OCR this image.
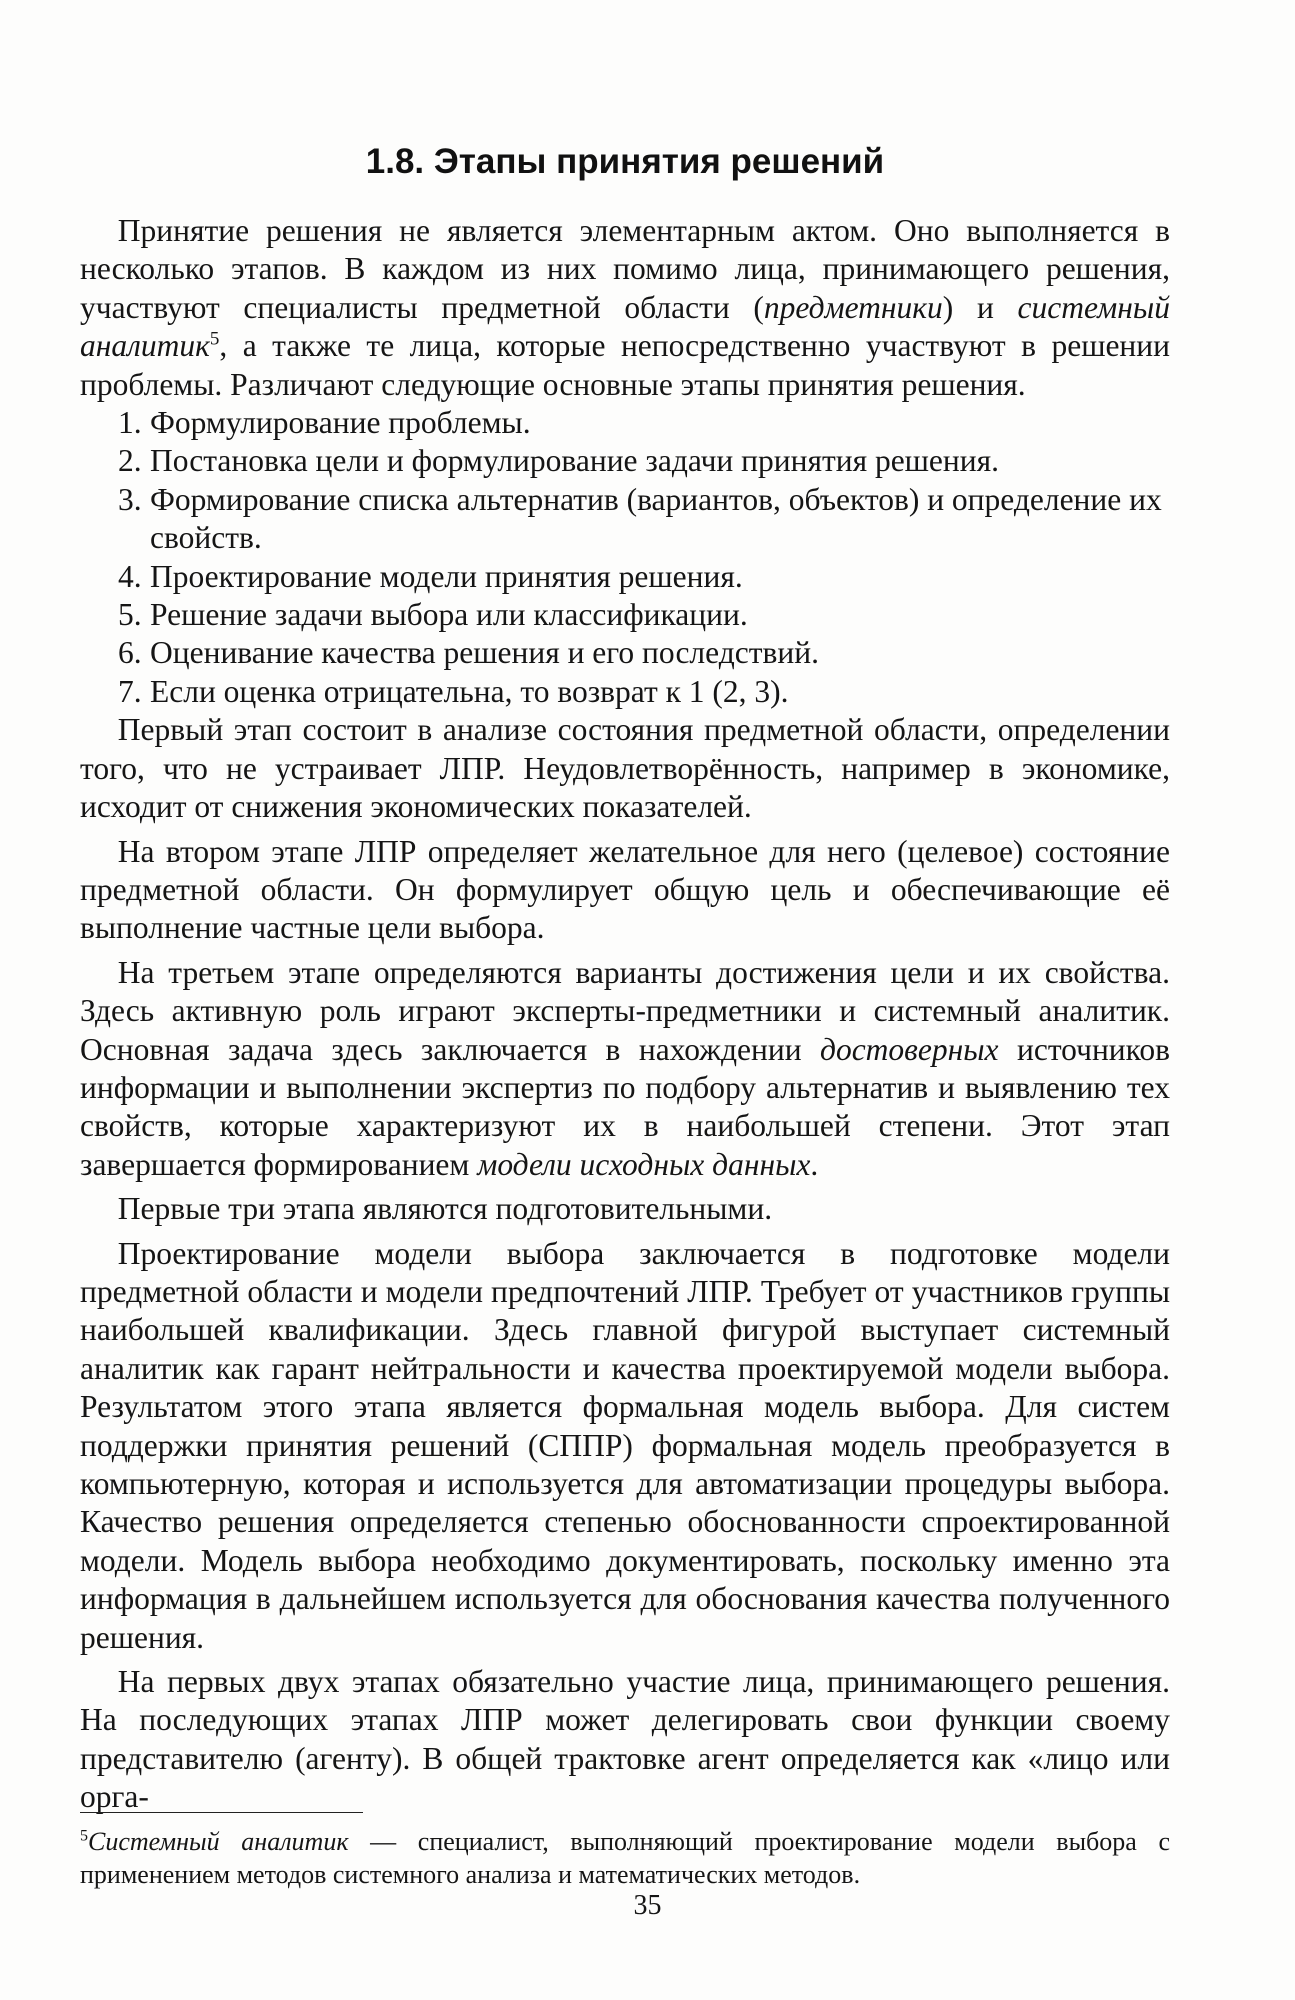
1.8. Этапы принятия решений

Принятие решения не является элементарным актом. Оно выполняется в несколько этапов. В каждом из них помимо лица, принимающего решения, участвуют специалисты предметной области (предметники) и системный аналитик$^5$, а также те лица, которые непосредственно участвуют в решении проблемы. Различают следующие основные этапы принятия решения.

1. Формулирование проблемы.
2. Постановка цели и формулирование задачи принятия решения.
3. Формирование списка альтернатив (вариантов, объектов) и определение их свойств.
4. Проектирование модели принятия решения.
5. Решение задачи выбора или классификации.
6. Оценивание качества решения и его последствий.
7. Если оценка отрицательна, то возврат к 1 (2, 3).

Первый этап состоит в анализе состояния предметной области, определении того, что не устраивает ЛПР. Неудовлетворённость, например в экономике, исходит от снижения экономических показателей.

На втором этапе ЛПР определяет желательное для него (целевое) состояние предметной области. Он формулирует общую цель и обеспечивающие её выполнение частные цели выбора.

На третьем этапе определяются варианты достижения цели и их свойства. Здесь активную роль играют эксперты-предметники и системный аналитик. Основная задача здесь заключается в нахождении достоверных источников информации и выполнении экспертиз по подбору альтернатив и выявлению тех свойств, которые характеризуют их в наибольшей степени. Этот этап завершается формированием модели исходных данных.

Первые три этапа являются подготовительными.

Проектирование модели выбора заключается в подготовке модели предметной области и модели предпочтений ЛПР. Требует от участников группы наибольшей квалификации. Здесь главной фигурой выступает системный аналитик как гарант нейтральности и качества проектируемой модели выбора. Результатом этого этапа является формальная модель выбора. Для систем поддержки принятия решений (СППР) формальная модель преобразуется в компьютерную, которая и используется для автоматизации процедуры выбора. Качество решения определяется степенью обоснованности спроектированной модели. Модель выбора необходимо документировать, поскольку именно эта информация в дальнейшем используется для обоснования качества полученного решения.

На первых двух этапах обязательно участие лица, принимающего решения. На последующих этапах ЛПР может делегировать свои функции своему представителю (агенту). В общей трактовке агент определяется как «лицо или орга-

$^5$Системный аналитик — специалист, выполняющий проектирование модели выбора с применением методов системного анализа и математических методов.

35
